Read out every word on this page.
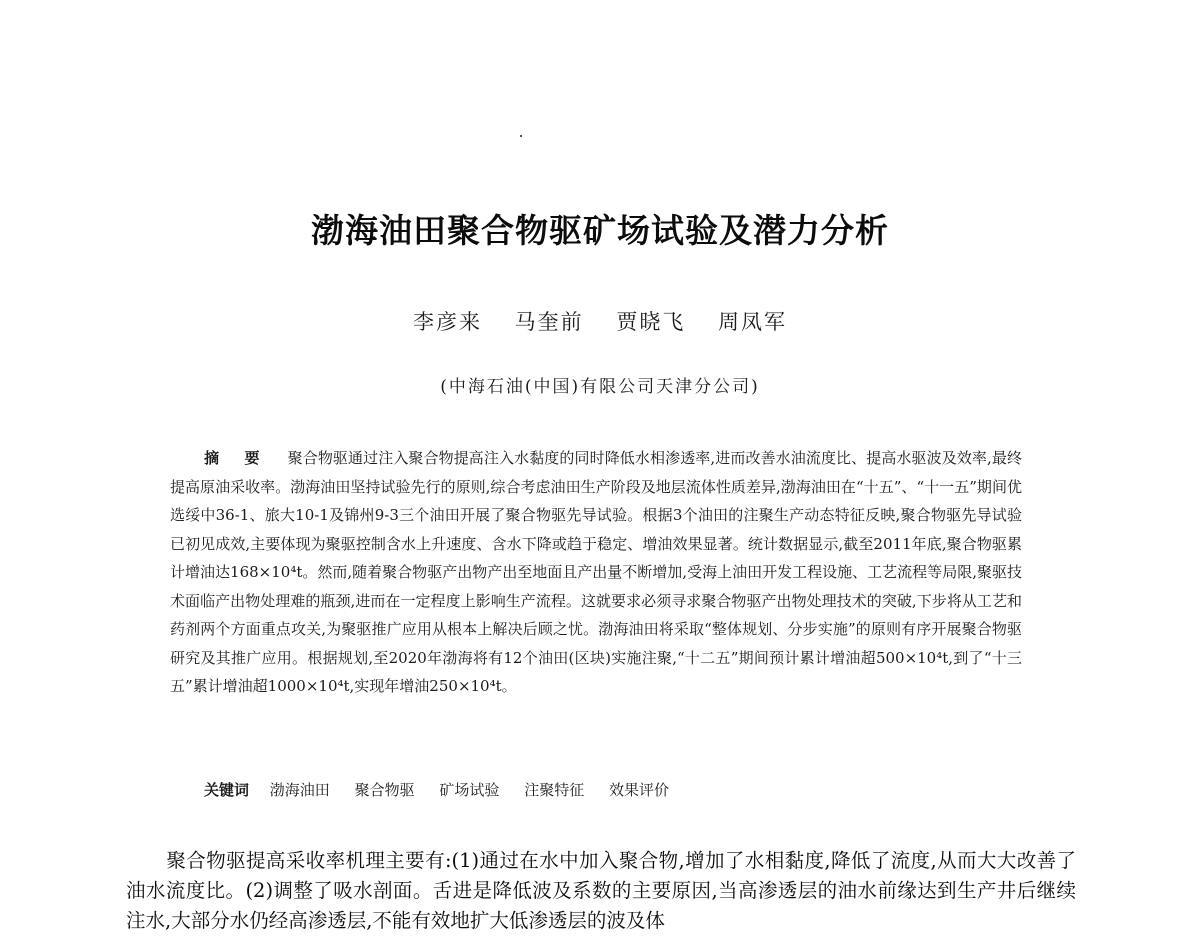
渤海油田聚合物驱矿场试验及潜力分析
李彦来 马奎前 贾晓飞 周凤军
(中海石油(中国)有限公司天津分公司)
摘 要 聚合物驱通过注入聚合物提高注入水黏度的同时降低水相渗透率,进而改善水油流度比、提高水驱波及效率,最终提高原油采收率。渤海油田坚持试验先行的原则,综合考虑油田生产阶段及地层流体性质差异,渤海油田在“十五”、“十一五”期间优选绥中36-1、旅大10-1及锦州9-3三个油田开展了聚合物驱先导试验。根据3个油田的注聚生产动态特征反映,聚合物驱先导试验已初见成效,主要体现为聚驱控制含水上升速度、含水下降或趋于稳定、增油效果显著。统计数据显示,截至2011年底,聚合物驱累计增油达168×10⁴t。然而,随着聚合物驱产出物产出至地面且产出量不断增加,受海上油田开发工程设施、工艺流程等局限,聚驱技术面临产出物处理难的瓶颈,进而在一定程度上影响生产流程。这就要求必须寻求聚合物驱产出物处理技术的突破,下步将从工艺和药剂两个方面重点攻关,为聚驱推广应用从根本上解决后顾之忧。渤海油田将采取“整体规划、分步实施”的原则有序开展聚合物驱研究及其推广应用。根据规划,至2020年渤海将有12个油田(区块)实施注聚,“十二五”期间预计累计增油超500×10⁴t,到了“十三五”累计增油超1000×10⁴t,实现年增油250×10⁴t。
关键词 渤海油田 聚合物驱 矿场试验 注聚特征 效果评价
聚合物驱提高采收率机理主要有:(1)通过在水中加入聚合物,增加了水相黏度,降低了流度,从而大大改善了油水流度比。(2)调整了吸水剖面。舌进是降低波及系数的主要原因,当高渗透层的油水前缘达到生产井后继续注水,大部分水仍经高渗透层,不能有效地扩大低渗透层的波及体
